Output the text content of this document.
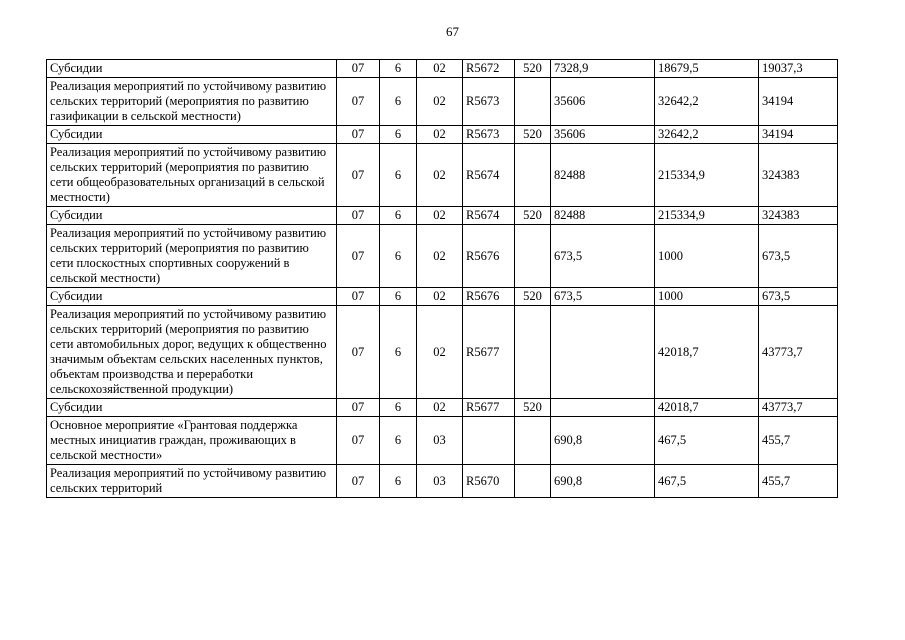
67
Субсидии	07	6	02	R5672	520	7328,9	18679,5	19037,3
Реализация мероприятий по устойчивому развитию сельских территорий (мероприятия по развитию газификации в сельской местности)	07	6	02	R5673		35606	32642,2	34194
Субсидии	07	6	02	R5673	520	35606	32642,2	34194
Реализация мероприятий по устойчивому развитию сельских территорий (мероприятия по развитию сети общеобразовательных организаций в сельской местности)	07	6	02	R5674		82488	215334,9	324383
Субсидии	07	6	02	R5674	520	82488	215334,9	324383
Реализация мероприятий по устойчивому развитию сельских территорий (мероприятия по развитию сети плоскостных спортивных сооружений в сельской местности)	07	6	02	R5676		673,5	1000	673,5
Субсидии	07	6	02	R5676	520	673,5	1000	673,5
Реализация мероприятий по устойчивому развитию сельских территорий (мероприятия по развитию сети автомобильных дорог, ведущих к общественно значимым объектам сельских населенных пунктов, объектам производства и переработки сельскохозяйственной продукции)	07	6	02	R5677			42018,7	43773,7
Субсидии	07	6	02	R5677	520		42018,7	43773,7
Основное мероприятие «Грантовая поддержка местных инициатив граждан, проживающих в сельской местности»	07	6	03			690,8	467,5	455,7
Реализация мероприятий по устойчивому развитию сельских территорий	07	6	03	R5670		690,8	467,5	455,7
